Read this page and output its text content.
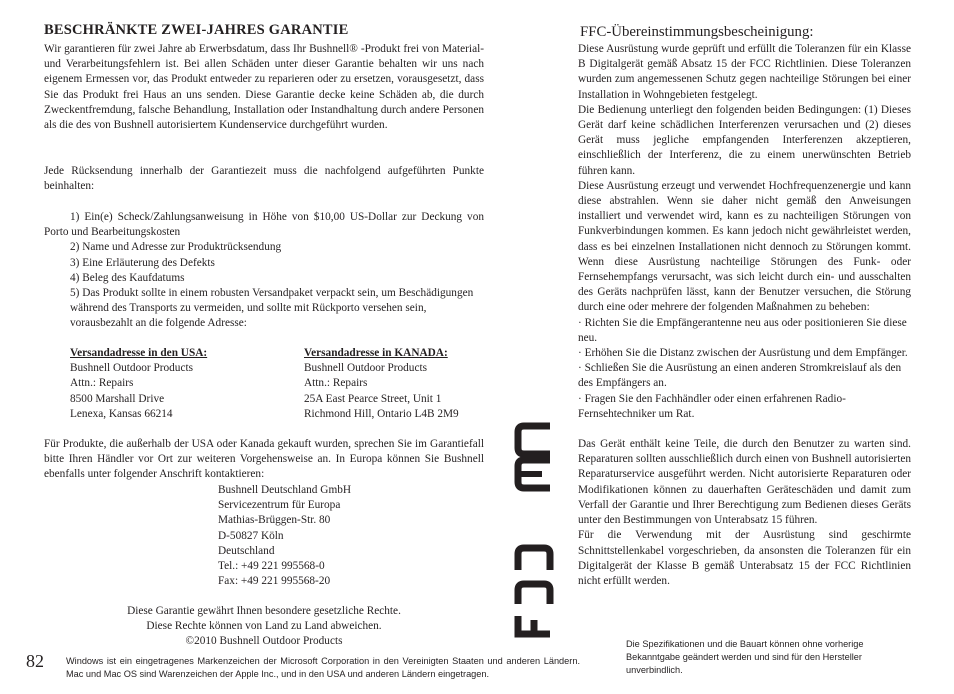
BESCHRÄNKTE ZWEI-JAHRES GARANTIE

Wir garantieren für zwei Jahre ab Erwerbsdatum, dass Ihr Bushnell® -Produkt frei von Material- und Verarbeitungsfehlern ist. Bei allen Schäden unter dieser Garantie behalten wir uns nach eigenem Ermessen vor, das Produkt entweder zu reparieren oder zu ersetzen, vorausgesetzt, dass Sie das Produkt frei Haus an uns senden. Diese Garantie decke keine Schäden ab, die durch Zweckentfremdung, falsche Behandlung, Installation oder Instandhaltung durch andere Personen als die des von Bushnell autorisiertem Kundenservice durchgeführt wurden.

Jede Rücksendung innerhalb der Garantiezeit muss die nachfolgend aufgeführten Punkte beinhalten:

1) Ein(e) Scheck/Zahlungsanweisung in Höhe von $10,00 US-Dollar zur Deckung von Porto und Bearbeitungskosten

2) Name und Adresse zur Produktrücksendung

3) Eine Erläuterung des Defekts

4) Beleg des Kaufdatums

5) Das Produkt sollte in einem robusten Versandpaket verpackt sein, um Beschädigungen während des Transports zu vermeiden, und sollte mit Rückporto versehen sein, vorausbezahlt an die folgende Adresse:

Versandadresse in den USA:
Bushnell Outdoor Products
Attn.: Repairs
8500 Marshall Drive
Lenexa, Kansas 66214
Versandadresse in KANADA:
Bushnell Outdoor Products
Attn.: Repairs
25A East Pearce Street, Unit 1
Richmond Hill, Ontario L4B 2M9

Für Produkte, die außerhalb der USA oder Kanada gekauft wurden, sprechen Sie im Garantiefall bitte Ihren Händler vor Ort zur weiteren Vorgehensweise an. In Europa können Sie Bushnell ebenfalls unter folgender Anschrift kontaktieren:

Bushnell Deutschland GmbH
Servicezentrum für Europa
Mathias-Brüggen-Str. 80
D-50827 Köln
Deutschland
Tel.: +49 221 995568-0
Fax: +49 221 995568-20
Diese Garantie gewährt Ihnen besondere gesetzliche Rechte.
Diese Rechte können von Land zu Land abweichen.
©2010 Bushnell Outdoor Products
82 Windows ist ein eingetragenes Markenzeichen der Microsoft Corporation in den Vereinigten Staaten und anderen Ländern. Mac und Mac OS sind Warenzeichen der Apple Inc., und in den USA und anderen Ländern eingetragen.

CE
FCC
FFC-Übereinstimmungsbescheinigung:

Diese Ausrüstung wurde geprüft und erfüllt die Toleranzen für ein Klasse B Digitalgerät gemäß Absatz 15 der FCC Richtlinien. Diese Toleranzen wurden zum angemessenen Schutz gegen nachteilige Störungen bei einer Installation in Wohngebieten festgelegt.

Die Bedienung unterliegt den folgenden beiden Bedingungen: (1) Dieses Gerät darf keine schädlichen Interferenzen verursachen und (2) dieses Gerät muss jegliche empfangenden Interferenzen akzeptieren, einschließlich der Interferenz, die zu einem unerwünschten Betrieb führen kann.

Diese Ausrüstung erzeugt und verwendet Hochfrequenzenergie und kann diese abstrahlen. Wenn sie daher nicht gemäß den Anweisungen installiert und verwendet wird, kann es zu nachteiligen Störungen von Funkverbindungen kommen. Es kann jedoch nicht gewährleistet werden, dass es bei einzelnen Installationen nicht dennoch zu Störungen kommt. Wenn diese Ausrüstung nachteilige Störungen des Funk- oder Fernsehempfangs verursacht, was sich leicht durch ein- und ausschalten des Geräts nachprüfen lässt, kann der Benutzer versuchen, die Störung durch eine oder mehrere der folgenden Maßnahmen zu beheben:

· Richten Sie die Empfängerantenne neu aus oder positionieren Sie diese neu.

· Erhöhen Sie die Distanz zwischen der Ausrüstung und dem Empfänger.

· Schließen Sie die Ausrüstung an einen anderen Stromkreislauf als den des Empfängers an.

· Fragen Sie den Fachhändler oder einen erfahrenen Radio-Fernsehtechniker um Rat.

Das Gerät enthält keine Teile, die durch den Benutzer zu warten sind. Reparaturen sollten ausschließlich durch einen von Bushnell autorisierten Reparaturservice ausgeführt werden. Nicht autorisierte Reparaturen oder Modifikationen können zu dauerhaften Geräteschäden und damit zum Verfall der Garantie und Ihrer Berechtigung zum Bedienen dieses Geräts unter den Bestimmungen von Unterabsatz 15 führen.

Für die Verwendung mit der Ausrüstung sind geschirmte Schnittstellenkabel vorgeschrieben, da ansonsten die Toleranzen für ein Digitalgerät der Klasse B gemäß Unterabsatz 15 der FCC Richtlinien nicht erfüllt werden.

Die Spezifikationen und die Bauart können ohne vorherige Bekanntgabe geändert werden und sind für den Hersteller unverbindlich.
